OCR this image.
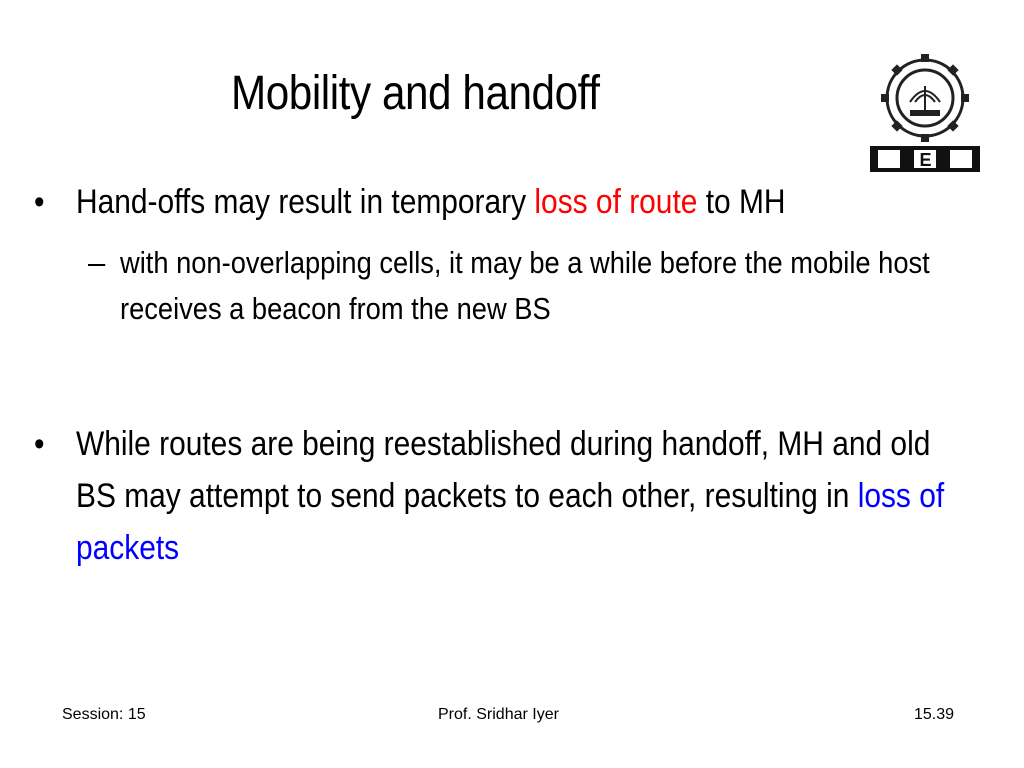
Mobility and handoff
D E P
Hand-offs may result in temporary loss of route to MH
•
– with non-overlapping cells, it may be a while before the mobile host receives a beacon from the new BS
• While routes are being reestablished during handoff, MH and old BS may attempt to send packets to each other, resulting in loss of packets
Session: 15	Prof. Sridhar Iyer	15.39
